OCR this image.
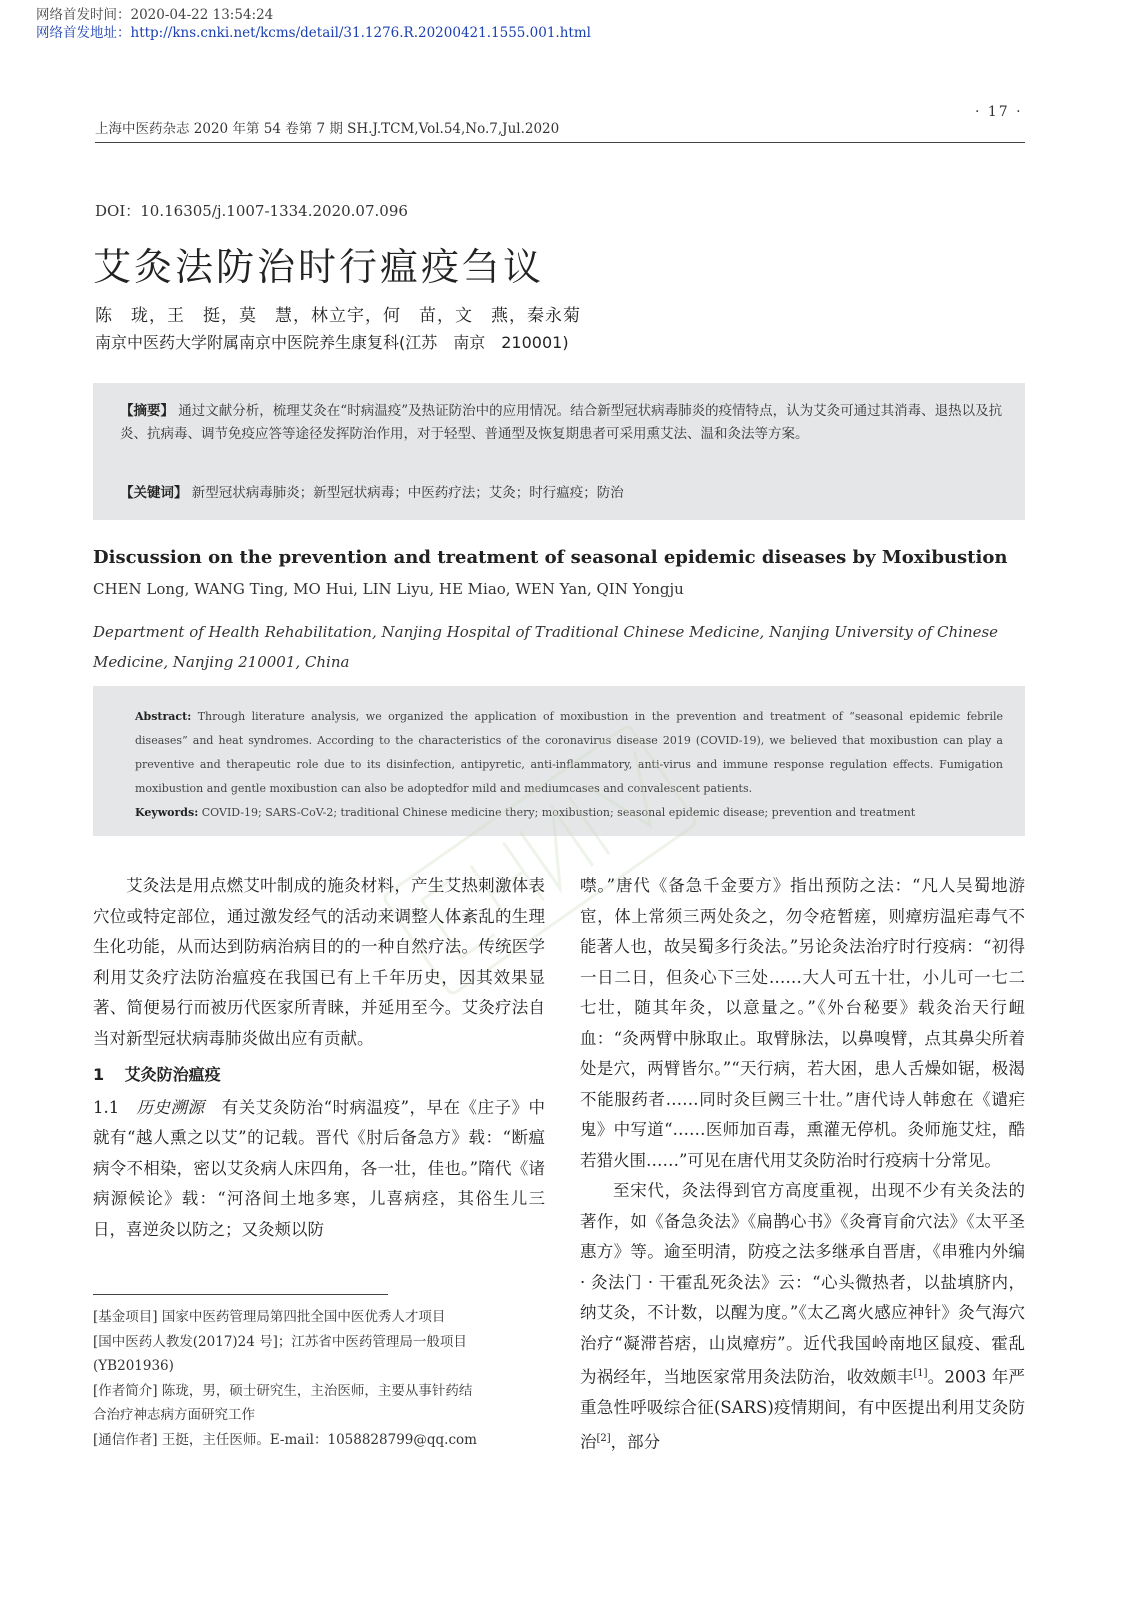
网络首发时间：2020-04-22 13:54:24
网络首发地址：http://kns.cnki.net/kcms/detail/31.1276.R.20200421.1555.001.html
上海中医药杂志 2020 年第 54 卷第 7 期 SH.J.TCM,Vol.54,No.7,Jul.2020
· 17 ·
DOI：10.16305/j.1007-1334.2020.07.096
艾灸法防治时行瘟疫刍议
陈　珑，王　挺，莫　慧，林立宇，何　苗，文　燕，秦永菊
南京中医药大学附属南京中医院养生康复科(江苏　南京　210001)
【摘要】 通过文献分析，梳理艾灸在“时病温疫”及热证防治中的应用情况。结合新型冠状病毒肺炎的疫情特点，认为艾灸可通过其消毒、退热以及抗炎、抗病毒、调节免疫应答等途径发挥防治作用，对于轻型、普通型及恢复期患者可采用熏艾法、温和灸法等方案。
【关键词】 新型冠状病毒肺炎；新型冠状病毒；中医药疗法；艾灸；时行瘟疫；防治
Discussion on the prevention and treatment of seasonal epidemic diseases by Moxibustion
CHEN Long, WANG Ting, MO Hui, LIN Liyu, HE Miao, WEN Yan, QIN Yongju
Department of Health Rehabilitation, Nanjing Hospital of Traditional Chinese Medicine, Nanjing University of Chinese Medicine, Nanjing 210001, China
Abstract: Through literature analysis, we organized the application of moxibustion in the prevention and treatment of “seasonal epidemic febrile diseases” and heat syndromes. According to the characteristics of the coronavirus disease 2019 (COVID-19), we believed that moxibustion can play a preventive and therapeutic role due to its disinfection, antipyretic, anti-inflammatory, anti-virus and immune response regulation effects. Fumigation moxibustion and gentle moxibustion can also be adoptedfor mild and mediumcases and convalescent patients.
Keywords: COVID-19; SARS-CoV-2; traditional Chinese medicine thery; moxibustion; seasonal epidemic disease; prevention and treatment

艾灸法是用点燃艾叶制成的施灸材料，产生艾热刺激体表穴位或特定部位，通过激发经气的活动来调整人体紊乱的生理生化功能，从而达到防病治病目的的一种自然疗法。传统医学利用艾灸疗法防治瘟疫在我国已有上千年历史，因其效果显著、简便易行而被历代医家所青睐，并延用至今。艾灸疗法自当对新型冠状病毒肺炎做出应有贡献。

1 艾灸防治瘟疫

1.1 历史溯源 有关艾灸防治“时病温疫”，早在《庄子》中就有“越人熏之以艾”的记载。晋代《肘后备急方》载：“断瘟病令不相染，密以艾灸病人床四角，各一壮，佳也。”隋代《诸病源候论》载：“河洛间土地多寒，儿喜病痉，其俗生儿三日，喜逆灸以防之；又灸颊以防

噤。”唐代《备急千金要方》指出预防之法：“凡人吴蜀地游宦，体上常须三两处灸之，勿令疮暂瘥，则瘴疠温疟毒气不能著人也，故吴蜀多行灸法。”另论灸法治疗时行疫病：“初得一日二日，但灸心下三处……大人可五十壮，小儿可一七二七壮，随其年灸，以意量之。”《外台秘要》载灸治天行衄血：“灸两臂中脉取止。取臂脉法，以鼻嗅臂，点其鼻尖所着处是穴，两臂皆尔。”“天行病，若大困，患人舌燥如锯，极渴不能服药者……同时灸巨阙三十壮。”唐代诗人韩愈在《谴疟鬼》中写道“……医师加百毒，熏灌无停机。灸师施艾炷，酷若猎火围……”可见在唐代用艾灸防治时行疫病十分常见。

至宋代，灸法得到官方高度重视，出现不少有关灸法的著作，如《备急灸法》《扁鹊心书》《灸膏肓俞穴法》《太平圣惠方》等。逾至明清，防疫之法多继承自晋唐，《串雅内外编 · 灸法门 · 干霍乱死灸法》云：“心头微热者，以盐填脐内，纳艾灸，不计数，以醒为度。”《太乙离火感应神针》灸气海穴治疗“凝滞苔痞，山岚瘴疠”。近代我国岭南地区鼠疫、霍乱为祸经年，当地医家常用灸法防治，收效颇丰[1]。2003 年严重急性呼吸综合征(SARS)疫情期间，有中医提出利用艾灸防治[2]，部分

[基金项目] 国家中医药管理局第四批全国中医优秀人才项目
[国中医药人教发(2017)24 号]；江苏省中医药管理局一般项目
(YB201936)
[作者简介] 陈珑，男，硕士研究生，主治医师，主要从事针药结
合治疗神志病方面研究工作
[通信作者] 王挺，主任医师。E-mail：1058828799@qq.com
